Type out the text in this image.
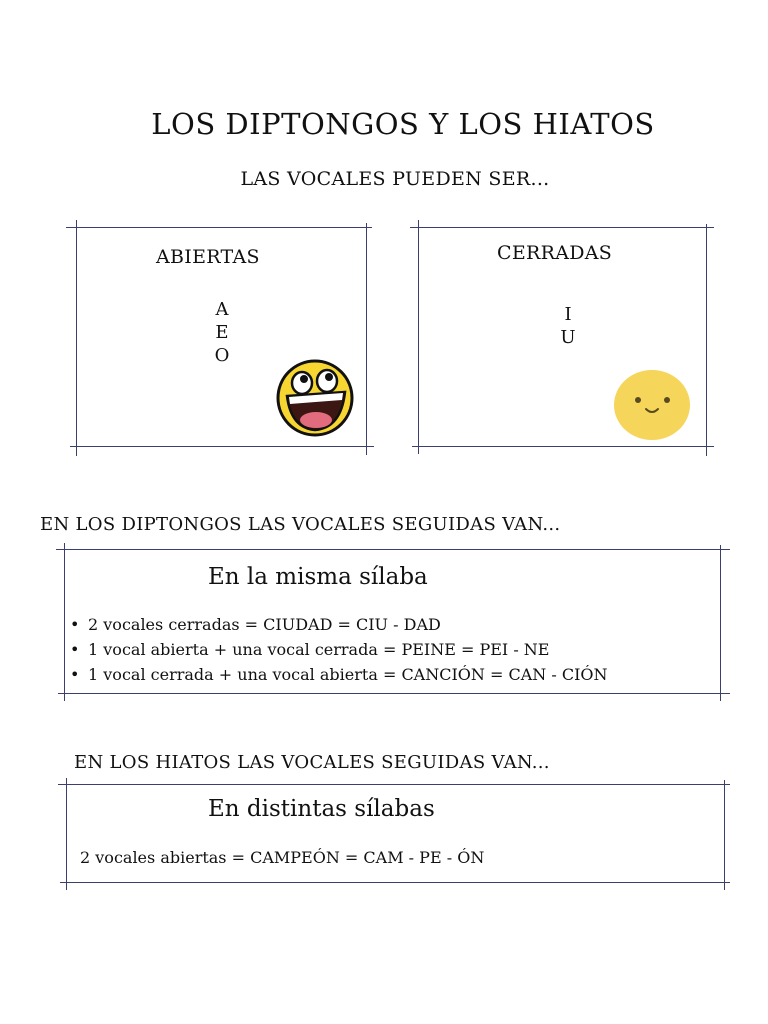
LOS DIPTONGOS Y LOS HIATOS
LAS VOCALES PUEDEN SER...
ABIERTAS
A
E
O
CERRADAS
I
U
EN LOS DIPTONGOS LAS VOCALES SEGUIDAS VAN...
En la misma sílaba
• 2 vocales cerradas = CIUDAD = CIU - DAD
• 1 vocal abierta + una vocal cerrada = PEINE = PEI - NE
• 1 vocal cerrada + una vocal abierta = CANCIÓN = CAN - CIÓN
EN LOS HIATOS LAS VOCALES SEGUIDAS VAN...
En distintas sílabas
2 vocales abiertas = CAMPEÓN = CAM - PE - ÓN
